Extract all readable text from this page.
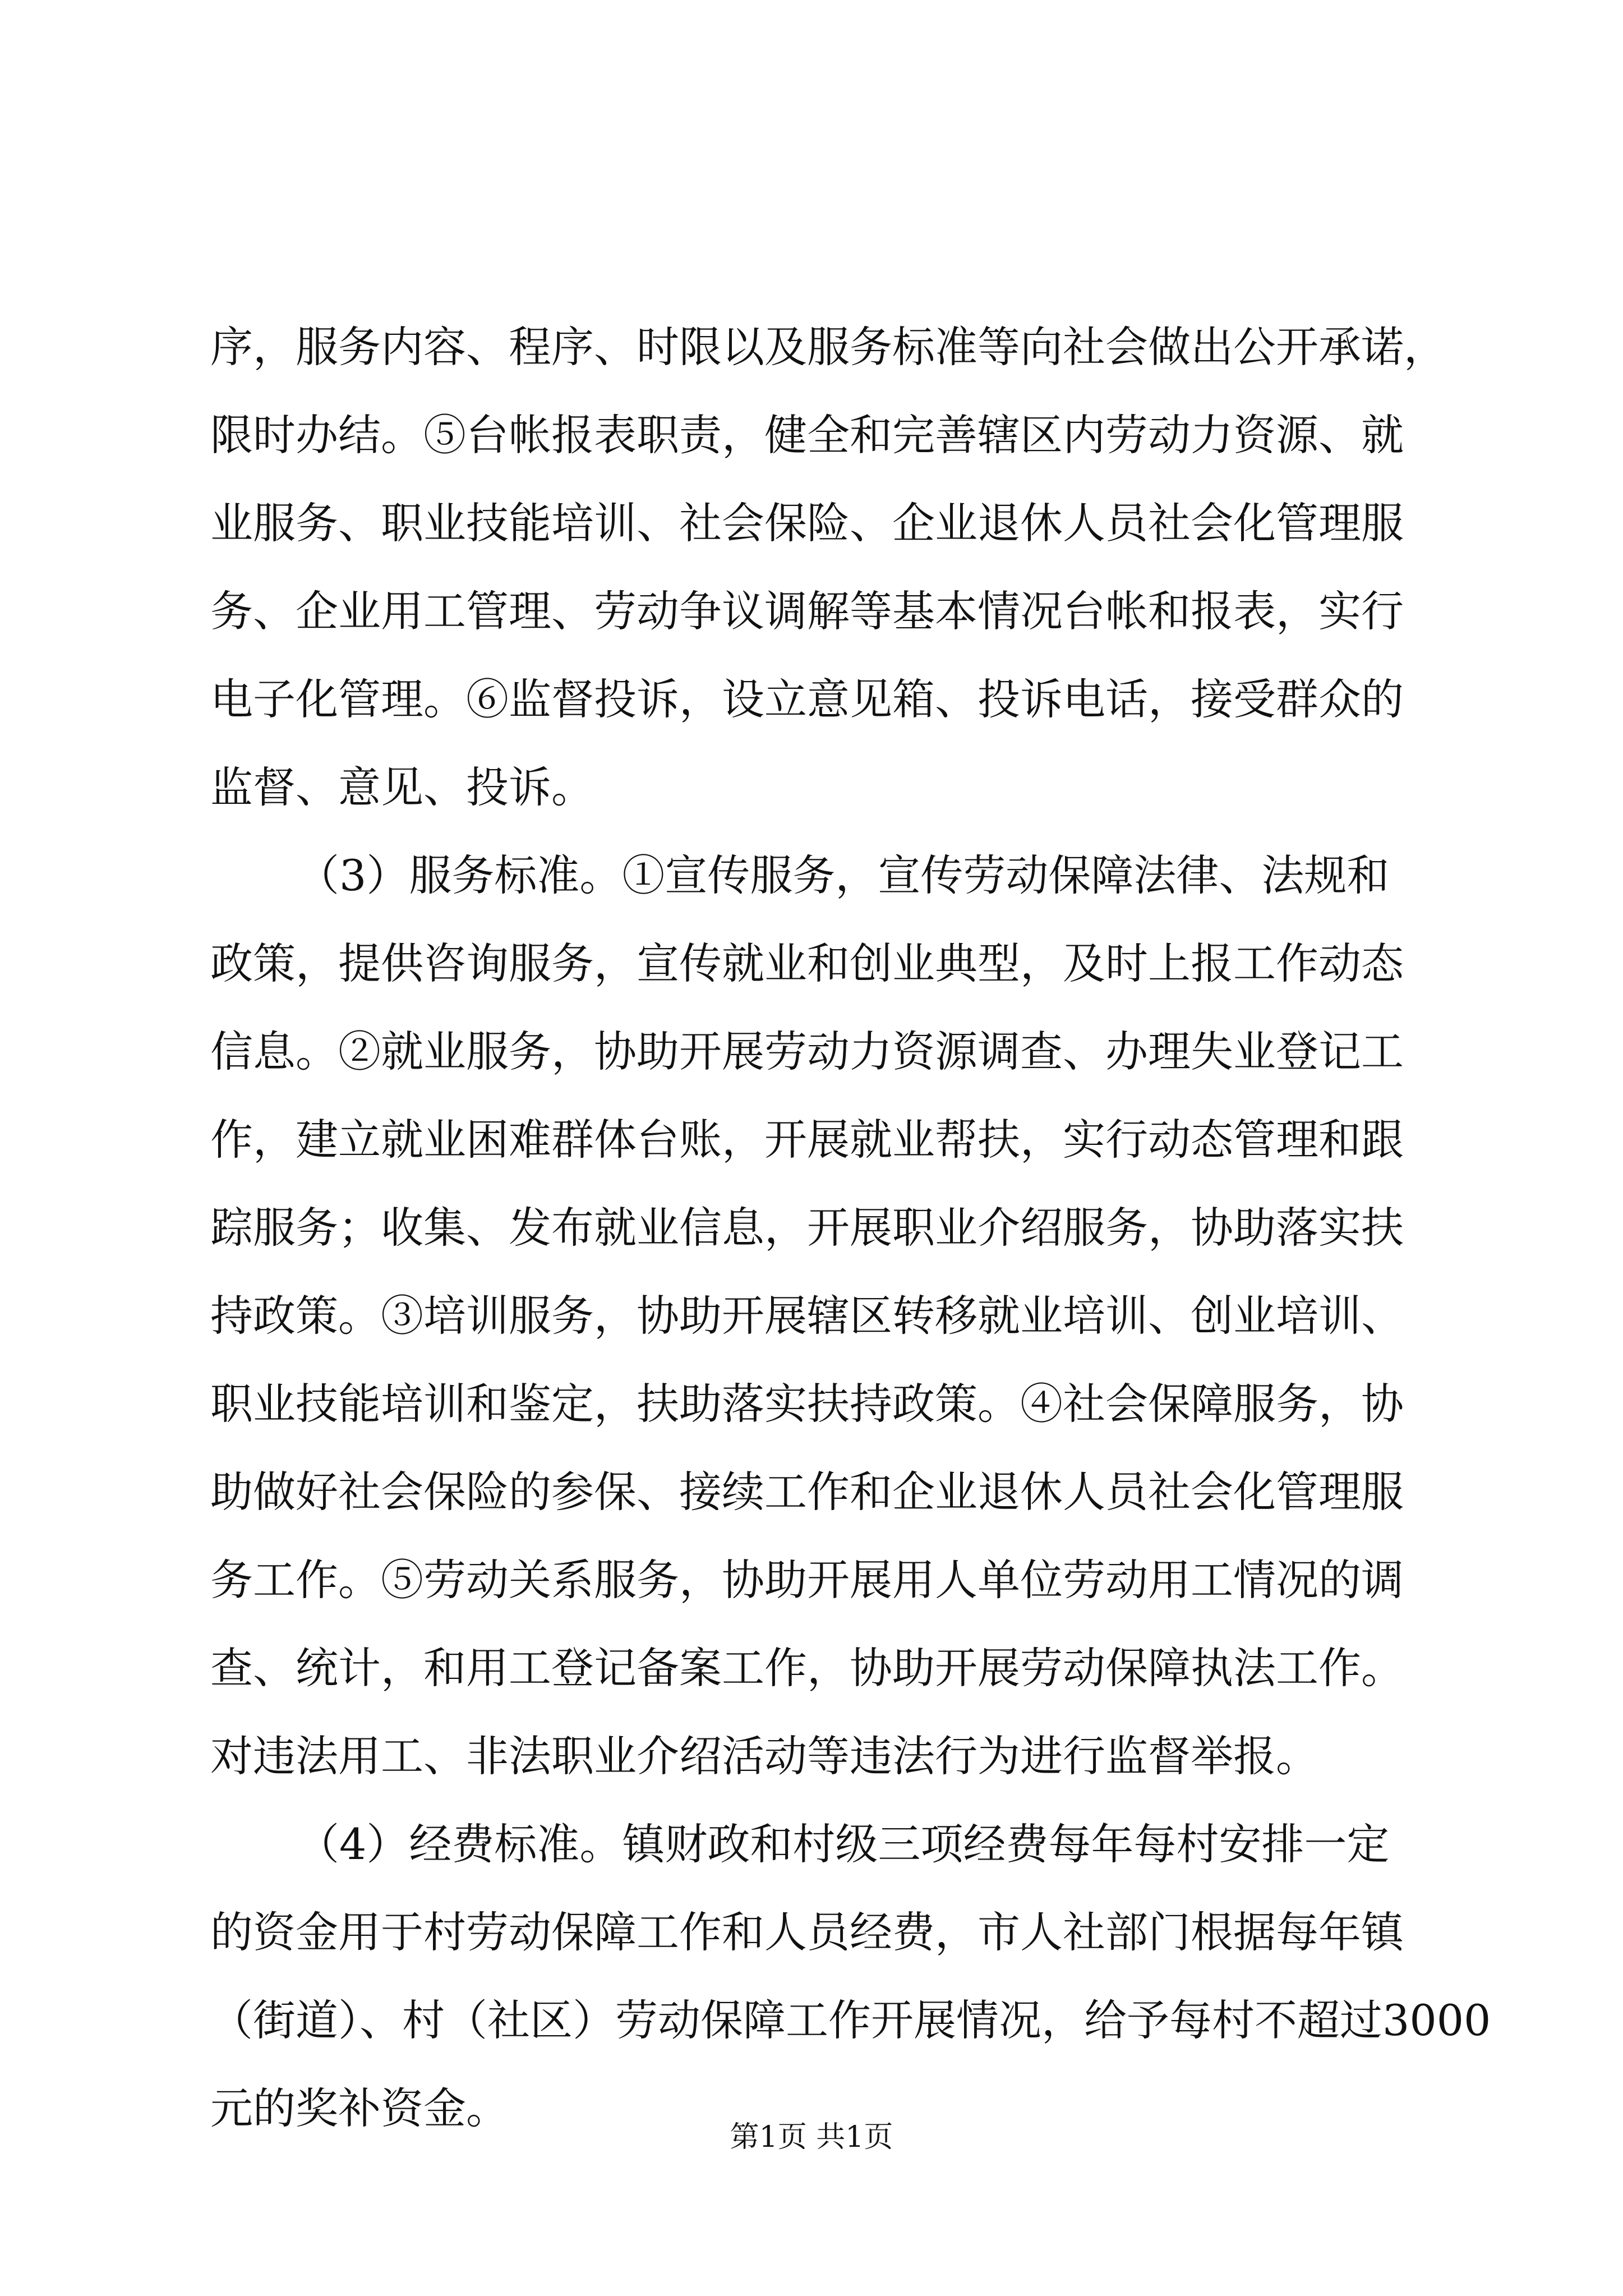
序，服务内容、程序、时限以及服务标准等向社会做出公开承诺，
限时办结。⑤台帐报表职责，健全和完善辖区内劳动力资源、就
业服务、职业技能培训、社会保险、企业退休人员社会化管理服
务、企业用工管理、劳动争议调解等基本情况台帐和报表，实行
电子化管理。⑥监督投诉，设立意见箱、投诉电话，接受群众的
监督、意见、投诉。
（3）服务标准。①宣传服务，宣传劳动保障法律、法规和
政策，提供咨询服务，宣传就业和创业典型，及时上报工作动态
信息。②就业服务，协助开展劳动力资源调查、办理失业登记工
作，建立就业困难群体台账，开展就业帮扶，实行动态管理和跟
踪服务；收集、发布就业信息，开展职业介绍服务，协助落实扶
持政策。③培训服务，协助开展辖区转移就业培训、创业培训、
职业技能培训和鉴定，扶助落实扶持政策。④社会保障服务，协
助做好社会保险的参保、接续工作和企业退休人员社会化管理服
务工作。⑤劳动关系服务，协助开展用人单位劳动用工情况的调
查、统计，和用工登记备案工作，协助开展劳动保障执法工作。
对违法用工、非法职业介绍活动等违法行为进行监督举报。
（4）经费标准。镇财政和村级三项经费每年每村安排一定
的资金用于村劳动保障工作和人员经费，市人社部门根据每年镇
（街道）、村（社区）劳动保障工作开展情况，给予每村不超过3000
元的奖补资金。
第1页 共1页
